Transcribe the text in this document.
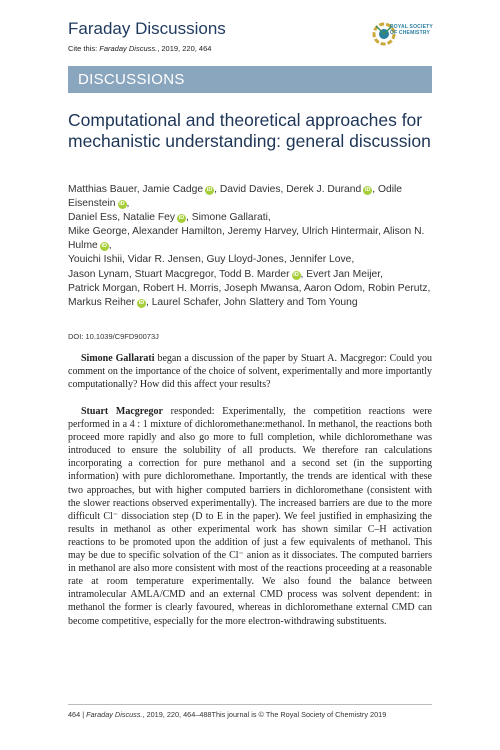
Faraday Discussions
Cite this: Faraday Discuss., 2019, 220, 464
ROYAL SOCIETY
OF CHEMISTRY
DISCUSSIONS
Computational and theoretical approaches for mechanistic understanding: general discussion
Matthias Bauer, Jamie Cadge iD , David Davies, Derek J. Durand iD , Odile Eisenstein iD ,
Daniel Ess, Natalie Fey iD , Simone Gallarati,
Mike George, Alexander Hamilton, Jeremy Harvey, Ulrich Hintermair, Alison N. Hulme iD ,
Youichi Ishii, Vidar R. Jensen, Guy Lloyd-Jones, Jennifer Love,
Jason Lynam, Stuart Macgregor, Todd B. Marder iD , Evert Jan Meijer,
Patrick Morgan, Robert H. Morris, Joseph Mwansa, Aaron Odom, Robin Perutz,
Markus Reiher iD , Laurel Schafer, John Slattery and Tom Young
DOI: 10.1039/C9FD90073J
Simone Gallarati began a discussion of the paper by Stuart A. Macgregor: Could you comment on the importance of the choice of solvent, experimentally and more importantly computationally? How did this affect your results?
Stuart Macgregor responded: Experimentally, the competition reactions were performed in a 4 : 1 mixture of dichloromethane:methanol. In methanol, the reactions both proceed more rapidly and also go more to full completion, while dichloromethane was introduced to ensure the solubility of all products. We therefore ran calculations incorporating a correction for pure methanol and a second set (in the supporting information) with pure dichloromethane. Importantly, the trends are identical with these two approaches, but with higher computed barriers in dichloromethane (consistent with the slower reactions observed experimentally). The increased barriers are due to the more difficult Cl⁻ dissociation step (D to E in the paper). We feel justified in emphasizing the results in methanol as other experimental work has shown similar C–H activation reactions to be promoted upon the addition of just a few equivalents of methanol. This may be due to specific solvation of the Cl⁻ anion as it dissociates. The computed barriers in methanol are also more consistent with most of the reactions proceeding at a reasonable rate at room temperature experimentally. We also found the balance between intramolecular AMLA/CMD and an external CMD process was solvent dependent: in methanol the former is clearly favoured, whereas in dichloromethane external CMD can become competitive, especially for the more electron-withdrawing substituents.
464 | Faraday Discuss., 2019, 220, 464–488This journal is © The Royal Society of Chemistry 2019
